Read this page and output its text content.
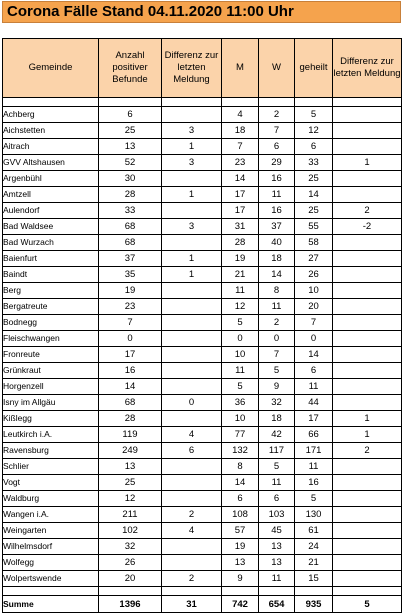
Corona Fälle Stand 04.11.2020 11:00 Uhr
Gemeinde	Anzahl positiver Befunde	Differenz zur letzten Meldung	M	W	geheilt	Differenz zur letzten Meldung

Achberg	6		4	2	5	
Aichstetten	25	3	18	7	12	
Aitrach	13	1	7	6	6	
GVV Altshausen	52	3	23	29	33	1
Argenbühl	30		14	16	25	
Amtzell	28	1	17	11	14	
Aulendorf	33		17	16	25	2
Bad Waldsee	68	3	31	37	55	-2
Bad Wurzach	68		28	40	58	
Baienfurt	37	1	19	18	27	
Baindt	35	1	21	14	26	
Berg	19		11	8	10	
Bergatreute	23		12	11	20	
Bodnegg	7		5	2	7	
Fleischwangen	0		0	0	0	
Fronreute	17		10	7	14	
Grünkraut	16		11	5	6	
Horgenzell	14		5	9	11	
Isny im Allgäu	68	0	36	32	44	
Kißlegg	28		10	18	17	1
Leutkirch i.A.	119	4	77	42	66	1
Ravensburg	249	6	132	117	171	2
Schlier	13		8	5	11	
Vogt	25		14	11	16	
Waldburg	12		6	6	5	
Wangen i.A.	211	2	108	103	130	
Weingarten	102	4	57	45	61	
Wilhelmsdorf	32		19	13	24	
Wolfegg	26		13	13	21	
Wolpertswende	20	2	9	11	15	

Summe	1396	31	742	654	935	5
